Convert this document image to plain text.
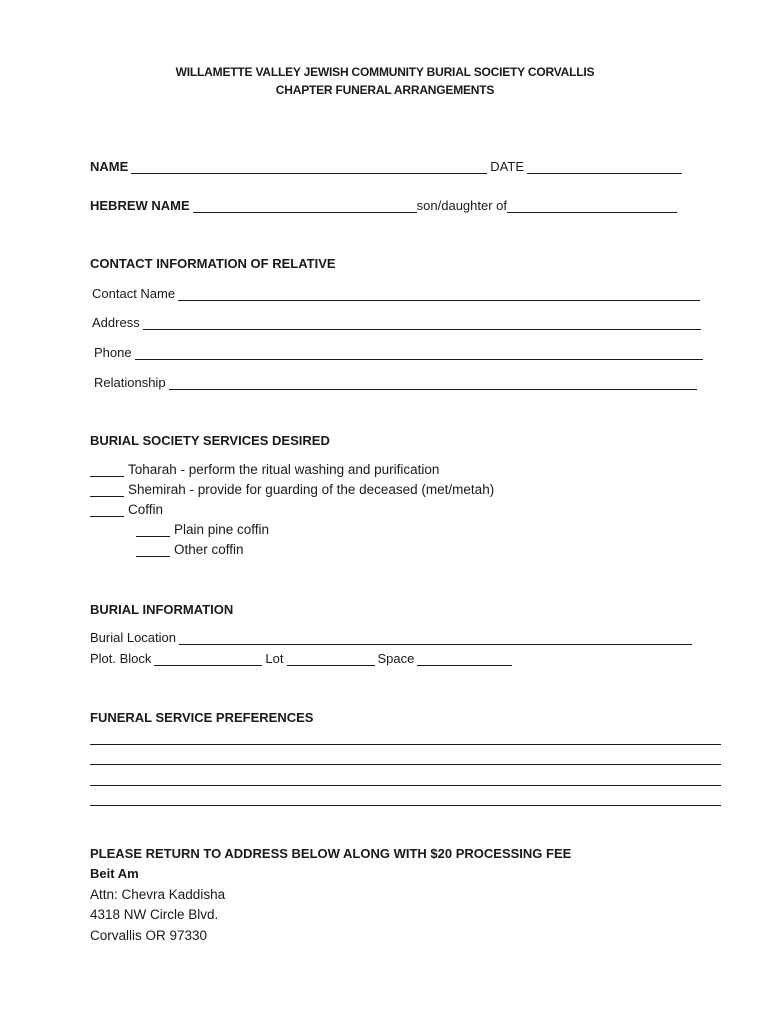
WILLAMETTE VALLEY JEWISH COMMUNITY BURIAL SOCIETY CORVALLIS
CHAPTER FUNERAL ARRANGEMENTS
NAME	DATE
HEBREW NAME	son/daughter of
CONTACT INFORMATION OF RELATIVE
Contact Name
Address
Phone
Relationship
BURIAL SOCIETY SERVICES DESIRED
Toharah - perform the ritual washing and purification
Shemirah - provide for guarding of the deceased (met/metah)
Coffin
Plain pine coffin
Other coffin
BURIAL INFORMATION
Burial Location
Plot. Block	Lot	Space
FUNERAL SERVICE PREFERENCES
PLEASE RETURN TO ADDRESS BELOW ALONG WITH $20 PROCESSING FEE
Beit Am
Attn: Chevra Kaddisha
4318 NW Circle Blvd.
Corvallis OR 97330
